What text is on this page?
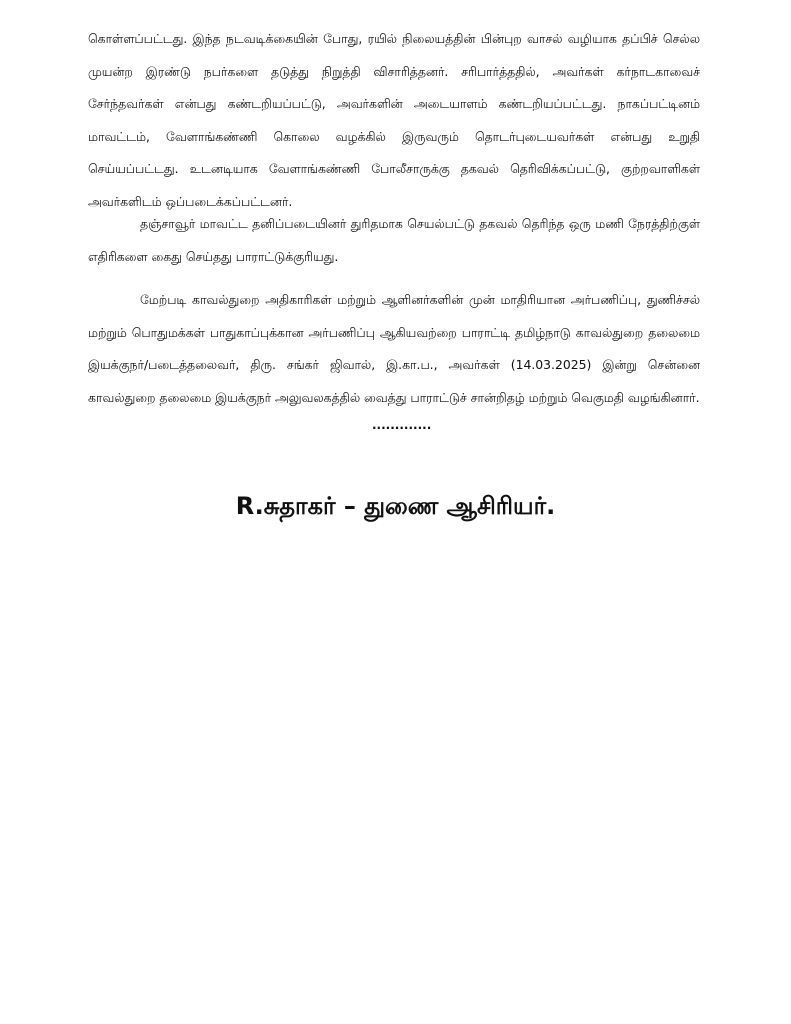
கொள்ளப்பட்டது. இந்த நடவடிக்கையின் போது, ரயில் நிலையத்தின் பின்புற வாசல் வழியாக தப்பிச் செல்ல முயன்ற இரண்டு நபர்களை தடுத்து நிறுத்தி விசாரித்தனர். சரிபார்த்ததில், அவர்கள் கர்நாடகாவைச் சேர்ந்தவர்கள் என்பது கண்டறியப்பட்டு, அவர்களின் அடையாளம் கண்டறியப்பட்டது. நாகப்பட்டினம் மாவட்டம், வேளாங்கண்ணி கொலை வழக்கில் இருவரும் தொடர்புடையவர்கள் என்பது உறுதி செய்யப்பட்டது. உடனடியாக வேளாங்கண்ணி போலீசாருக்கு தகவல் தெரிவிக்கப்பட்டு, குற்றவாளிகள் அவர்களிடம் ஒப்படைக்கப்பட்டனர்.

தஞ்சாவூர் மாவட்ட தனிப்படையினர் துரிதமாக செயல்பட்டு தகவல் தெரிந்த ஒரு மணி நேரத்திற்குள் எதிரிகளை கைது செய்தது பாராட்டுக்குரியது.

மேற்படி காவல்துறை அதிகாரிகள் மற்றும் ஆளினர்களின் முன் மாதிரியான அர்பணிப்பு, துணிச்சல் மற்றும் பொதுமக்கள் பாதுகாப்புக்கான அர்பணிப்பு ஆகியவற்றை பாராட்டி தமிழ்நாடு காவல்துறை தலைமை இயக்குநர்/படைத்தலைவர், திரு. சங்கர் ஜிவால், இ.கா.ப., அவர்கள் (14.03.2025) இன்று சென்னை காவல்துறை தலைமை இயக்குநர் அலுவலகத்தில் வைத்து பாராட்டுச் சான்றிதழ் மற்றும் வெகுமதி வழங்கினார்.

.............

R.சுதாகர் – துணை ஆசிரியர்.
